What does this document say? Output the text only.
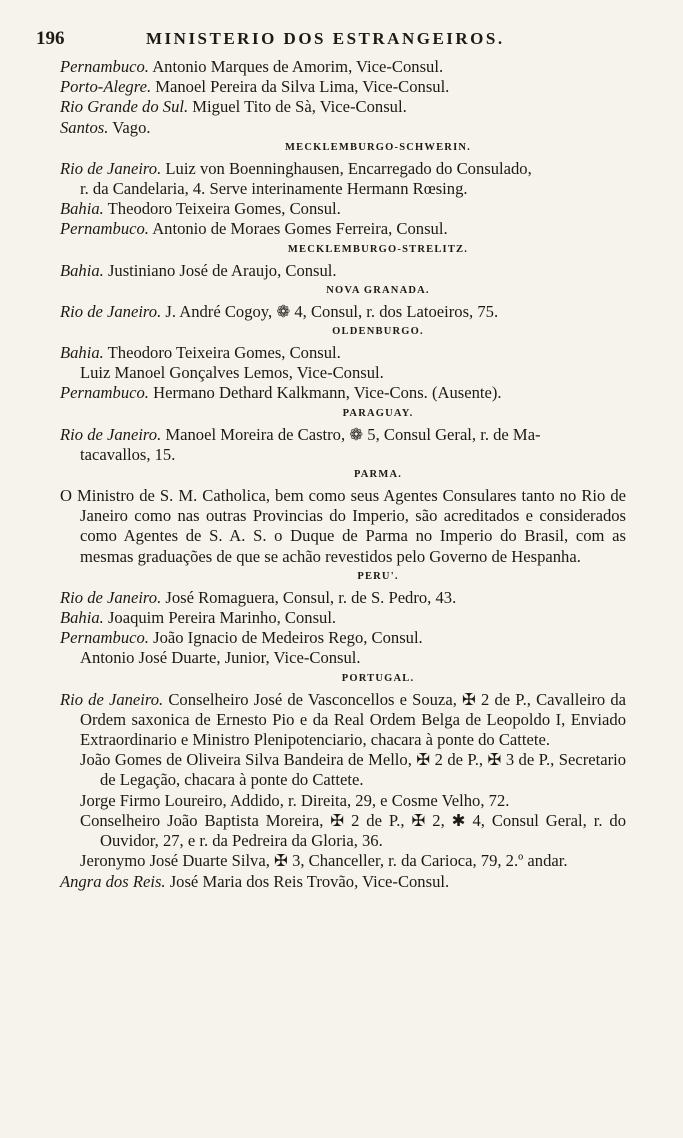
196	MINISTERIO DOS ESTRANGEIROS.
Pernambuco. Antonio Marques de Amorim, Vice-Consul.
Porto-Alegre. Manoel Pereira da Silva Lima, Vice-Consul.
Rio Grande do Sul. Miguel Tito de Sà, Vice-Consul.
Santos. Vago.
MECKLEMBURGO-SCHWERIN.
Rio de Janeiro. Luiz von Boenninghausen, Encarregado do Consulado,
r. da Candelaria, 4. Serve interinamente Hermann Rœsing.
Bahia. Theodoro Teixeira Gomes, Consul.
Pernambuco. Antonio de Moraes Gomes Ferreira, Consul.
MECKLEMBURGO-STRELITZ.
Bahia. Justiniano José de Araujo, Consul.
NOVA GRANADA.
Rio de Janeiro. J. André Cogoy, ❁ 4, Consul, r. dos Latoeiros, 75.
OLDENBURGO.
Bahia. Theodoro Teixeira Gomes, Consul.
Luiz Manoel Gonçalves Lemos, Vice-Consul.
Pernambuco. Hermano Dethard Kalkmann, Vice-Cons. (Ausente).
PARAGUAY.
Rio de Janeiro. Manoel Moreira de Castro, ❁ 5, Consul Geral, r. de Ma-
tacavallos, 15.
PARMA.

O Ministro de S. M. Catholica, bem como seus Agentes Consulares tanto no Rio de Janeiro como nas outras Provincias do Imperio, são acreditados e considerados como Agentes de S. A. S. o Duque de Parma no Imperio do Brasil, com as mesmas graduações de que se achão revestidos pelo Governo de Hespanha.

PERU'.
Rio de Janeiro. José Romaguera, Consul, r. de S. Pedro, 43.
Bahia. Joaquim Pereira Marinho, Consul.
Pernambuco. João Ignacio de Medeiros Rego, Consul.
Antonio José Duarte, Junior, Vice-Consul.
PORTUGAL.

Rio de Janeiro. Conselheiro José de Vasconcellos e Souza, ✠ 2 de P., Cavalleiro da Ordem saxonica de Ernesto Pio e da Real Ordem Belga de Leopoldo I, Enviado Extraordinario e Ministro Plenipotenciario, chacara à ponte do Cattete.

João Gomes de Oliveira Silva Bandeira de Mello, ✠ 2 de P., ✠ 3 de P., Secretario de Legação, chacara à ponte do Cattete.

Jorge Firmo Loureiro, Addido, r. Direita, 29, e Cosme Velho, 72.

Conselheiro João Baptista Moreira, ✠ 2 de P., ✠ 2, ✱ 4, Consul Geral, r. do Ouvidor, 27, e r. da Pedreira da Gloria, 36.

Jeronymo José Duarte Silva, ✠ 3, Chanceller, r. da Carioca, 79, 2.º andar.

Angra dos Reis. José Maria dos Reis Trovão, Vice-Consul.
